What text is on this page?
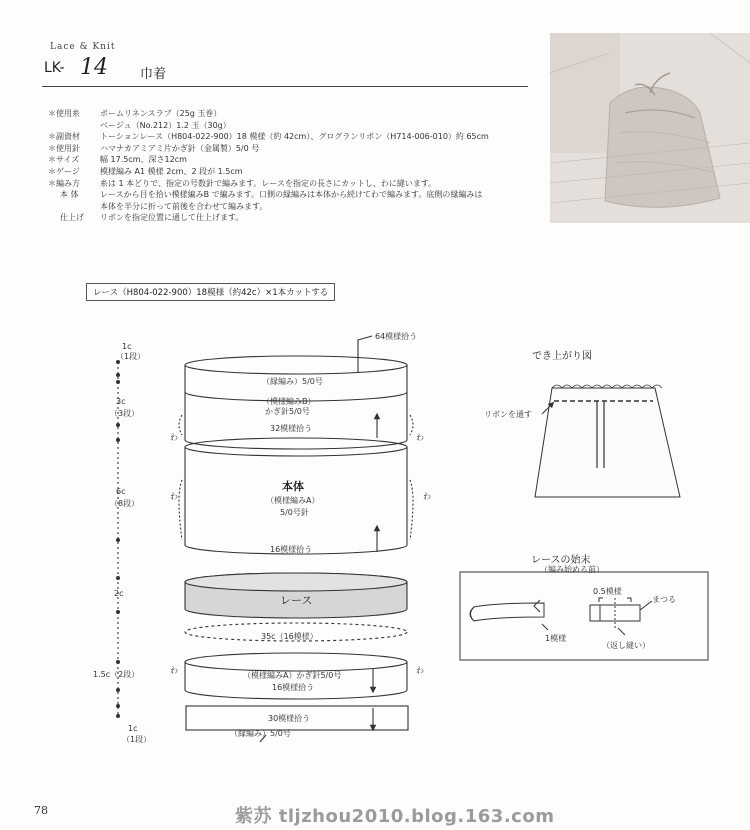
Lace & Knit
LK- 14 巾着
＊使用糸	ボームリネンスラブ（25g 玉巻）
ベージュ（No.212）1.2 玉（30g）
＊副資材	トーションレース（H804-022-900）18 模様（約 42cm）、グログランリボン（H714-006-010）約 65cm
＊使用針	ハマナカアミアミ片かぎ針（金属製）5/0 号
＊サイズ	幅 17.5cm、深さ12cm
＊ゲージ	模様編み A1 模様 2cm、2 段が 1.5cm
＊編み方	糸は 1 本どりで、指定の号数針で編みます。レースを指定の長さにカットし、わに縫います。
本 体	レースから目を拾い模様編みB で編みます。口側の縁編みは本体から続けてわで編みます。底側の縁編みは
本体を半分に折って前後を合わせて編みます。
仕上げ	リボンを指定位置に通して仕上げます。
レース（H804-022-900）18模様（約42c）×1本カットする
64模様拾う
（縁編み）5/0号
（模様編みB）
かぎ針5/0号
32模様拾う
本体
（模様編みA）
5/0号針
16模様拾う
レース
35c（16模様）
（模様編みA）かぎ針5/0号
16模様拾う
30模様拾う
（縁編み）5/0号
わ	わ
わ	わ
わ	わ
1c
（1段）
3c
（3段）
6c
（8段）
2c
1.5c（2段）
1c
（1段）
でき上がり図
リボンを通す
レースの始末
（編み始める前）
0.5模様
まつる
1模様
（返し縫い）
78	紫苏 tljzhou2010.blog.163.com
